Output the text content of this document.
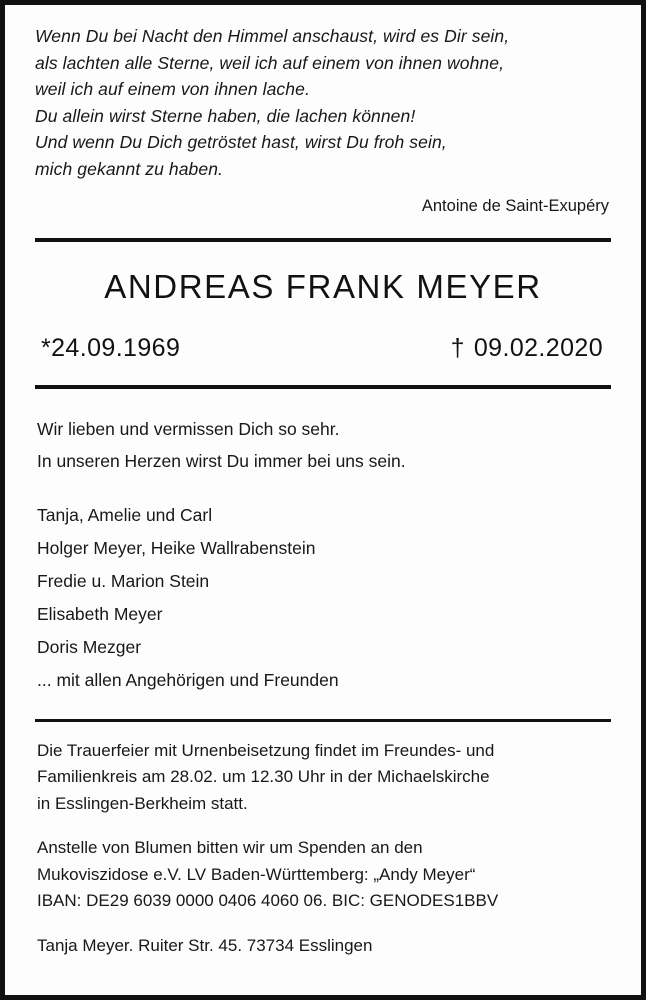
Wenn Du bei Nacht den Himmel anschaust, wird es Dir sein,
als lachten alle Sterne, weil ich auf einem von ihnen wohne,
weil ich auf einem von ihnen lache.
Du allein wirst Sterne haben, die lachen können!
Und wenn Du Dich getröstet hast, wirst Du froh sein,
mich gekannt zu haben.
Antoine de Saint-Exupéry
ANDREAS FRANK MEYER
*24.09.1969	† 09.02.2020
Wir lieben und vermissen Dich so sehr.
In unseren Herzen wirst Du immer bei uns sein.
Tanja, Amelie und Carl
Holger Meyer, Heike Wallrabenstein
Fredie u. Marion Stein
Elisabeth Meyer
Doris Mezger
... mit allen Angehörigen und Freunden
Die Trauerfeier mit Urnenbeisetzung findet im Freundes- und
Familienkreis am 28.02. um 12.30 Uhr in der Michaelskirche
in Esslingen-Berkheim statt.
Anstelle von Blumen bitten wir um Spenden an den
Mukoviszidose e.V. LV Baden-Württemberg: „Andy Meyer“
IBAN: DE29 6039 0000 0406 4060 06. BIC: GENODES1BBV
Tanja Meyer. Ruiter Str. 45. 73734 Esslingen
